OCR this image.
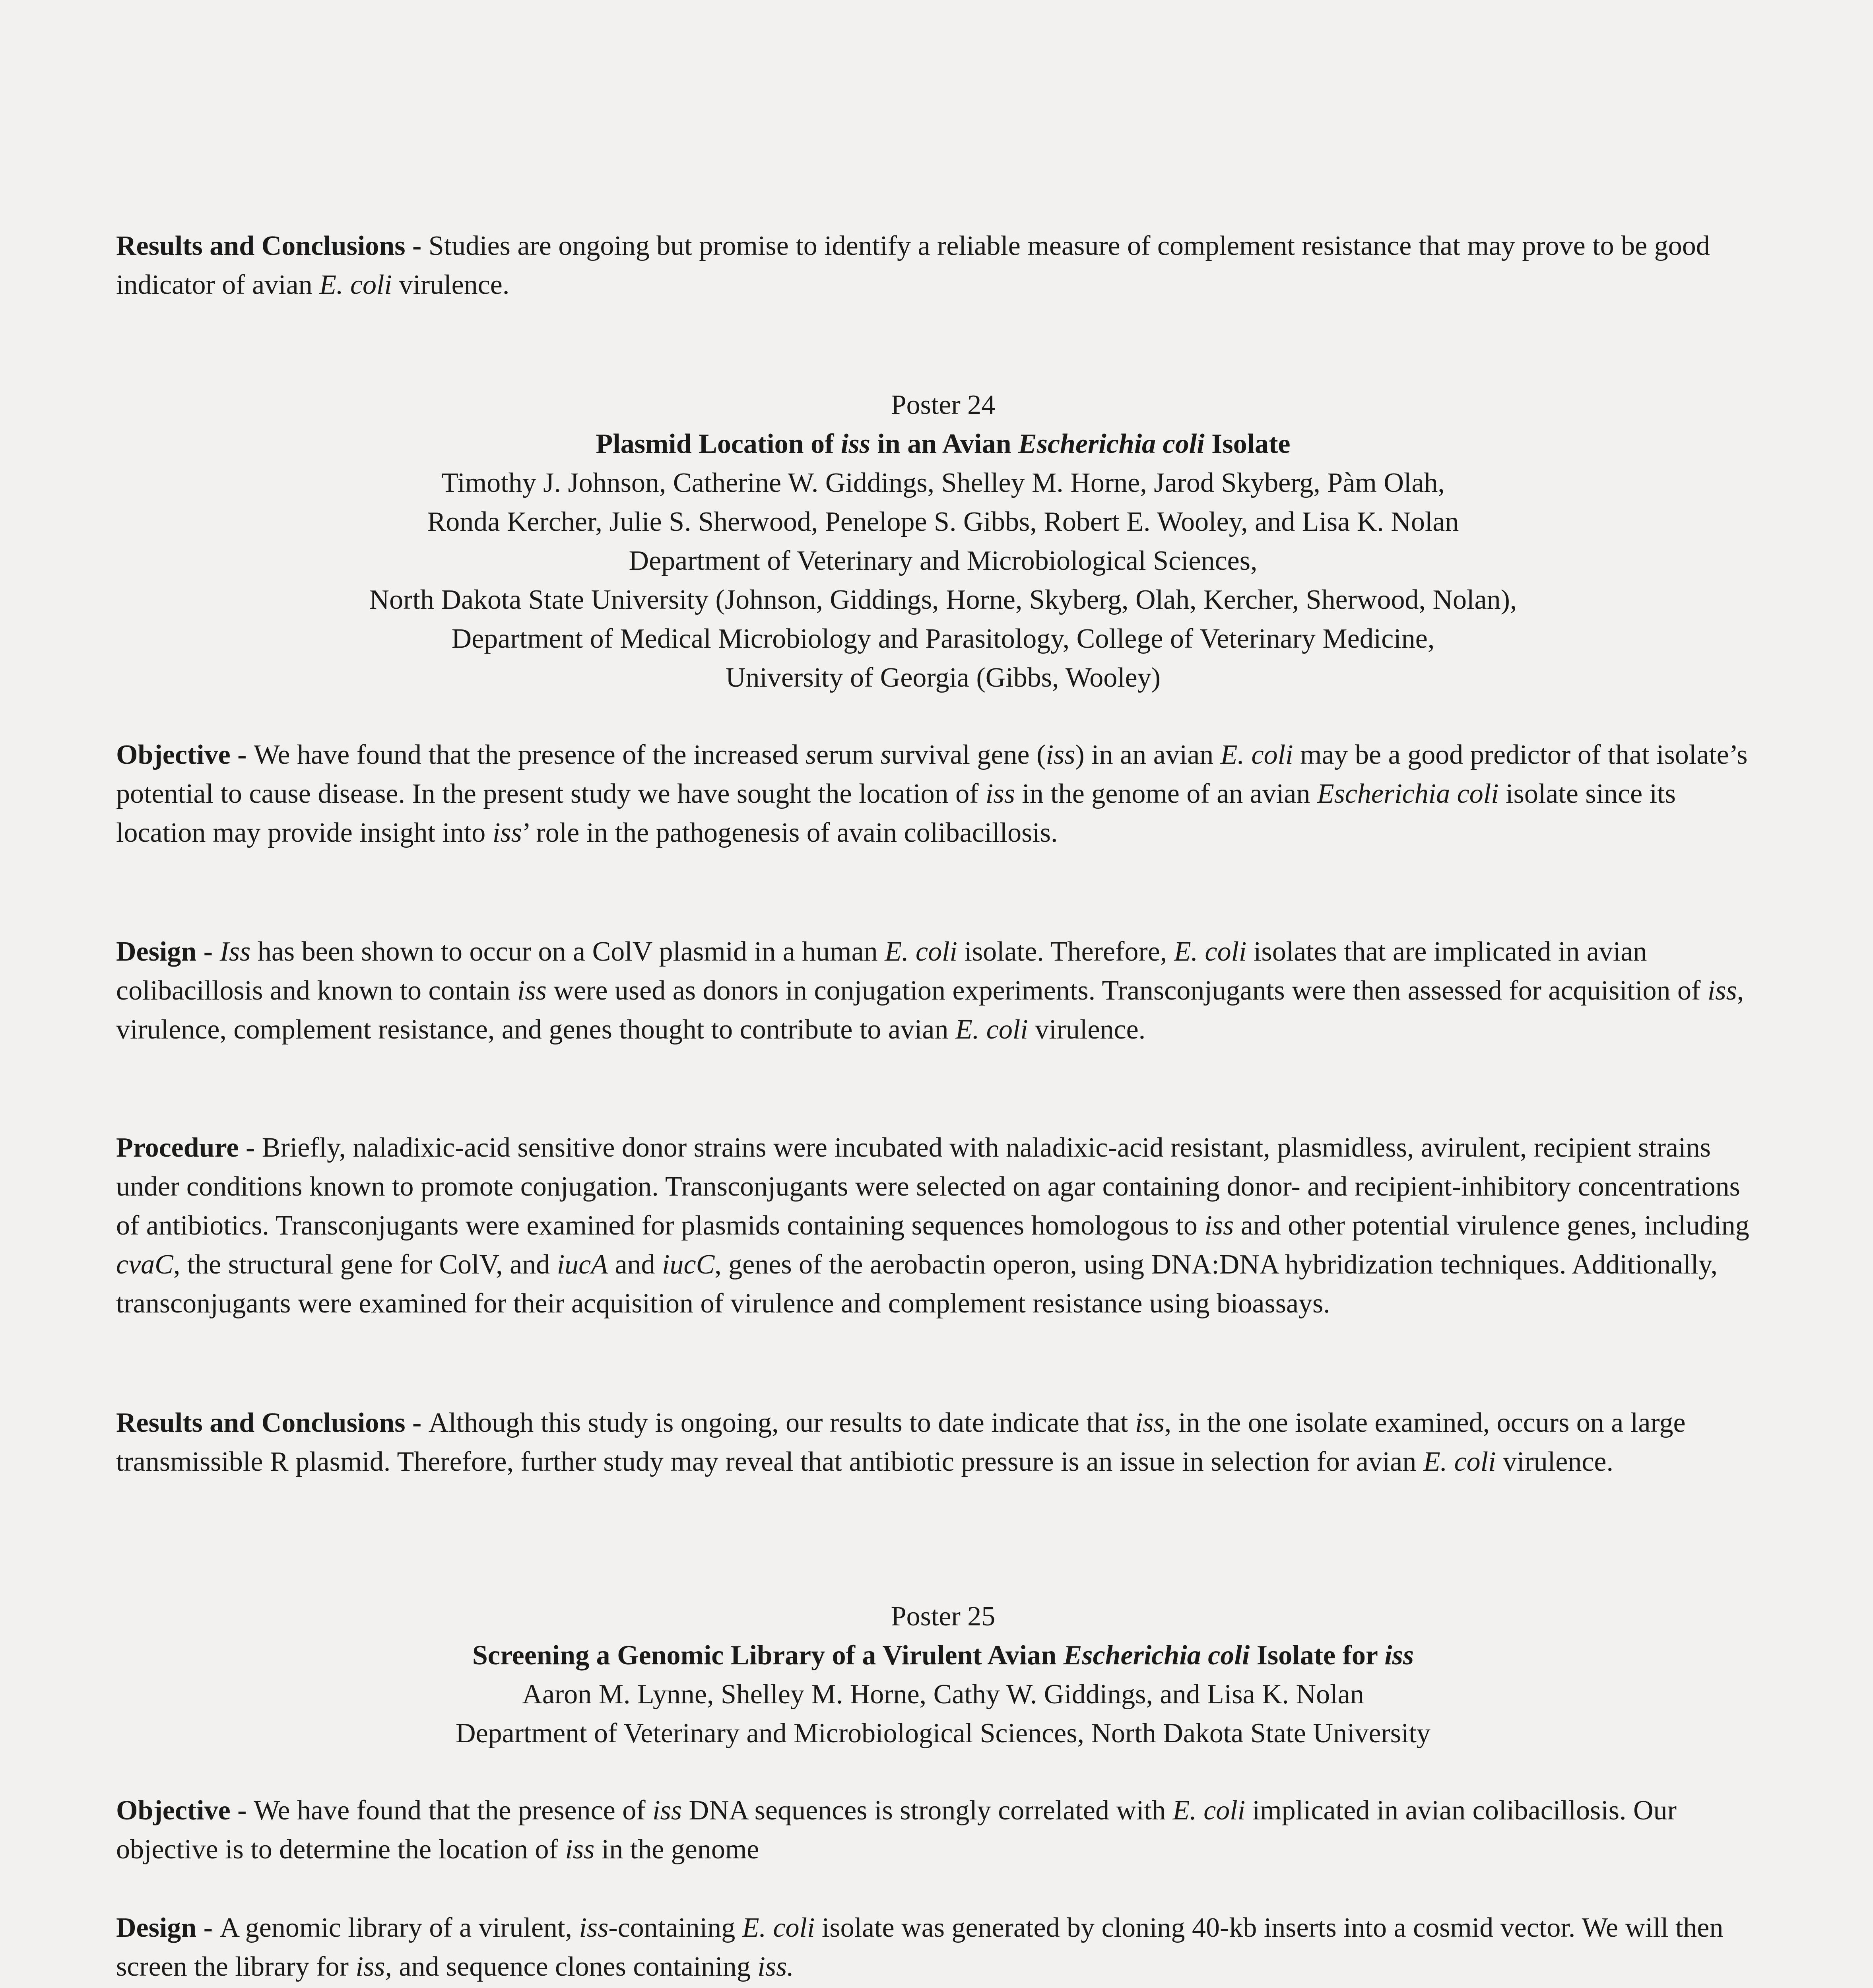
Results and Conclusions - Studies are ongoing but promise to identify a reliable measure of complement resistance that may prove to be good indicator of avian E. coli virulence.

Poster 24
Plasmid Location of iss in an Avian Escherichia coli Isolate
Timothy J. Johnson, Catherine W. Giddings, Shelley M. Horne, Jarod Skyberg, Pàm Olah,
Ronda Kercher, Julie S. Sherwood, Penelope S. Gibbs, Robert E. Wooley, and Lisa K. Nolan
Department of Veterinary and Microbiological Sciences,
North Dakota State University (Johnson, Giddings, Horne, Skyberg, Olah, Kercher, Sherwood, Nolan),
Department of Medical Microbiology and Parasitology, College of Veterinary Medicine,
University of Georgia (Gibbs, Wooley)

Objective - We have found that the presence of the increased serum survival gene (iss) in an avian E. coli may be a good predictor of that isolate’s potential to cause disease. In the present study we have sought the location of iss in the genome of an avian Escherichia coli isolate since its location may provide insight into iss’ role in the pathogenesis of avain colibacillosis.

Design - Iss has been shown to occur on a ColV plasmid in a human E. coli isolate. Therefore, E. coli isolates that are implicated in avian colibacillosis and known to contain iss were used as donors in conjugation experiments. Transconjugants were then assessed for acquisition of iss, virulence, complement resistance, and genes thought to contribute to avian E. coli virulence.

Procedure - Briefly, naladixic-acid sensitive donor strains were incubated with naladixic-acid resistant, plasmidless, avirulent, recipient strains under conditions known to promote conjugation. Transconjugants were selected on agar containing donor- and recipient-inhibitory concentrations of antibiotics. Transconjugants were examined for plasmids containing sequences homologous to iss and other potential virulence genes, including cvaC, the structural gene for ColV, and iucA and iucC, genes of the aerobactin operon, using DNA:DNA hybridization techniques. Additionally, transconjugants were examined for their acquisition of virulence and complement resistance using bioassays.

Results and Conclusions - Although this study is ongoing, our results to date indicate that iss, in the one isolate examined, occurs on a large transmissible R plasmid. Therefore, further study may reveal that antibiotic pressure is an issue in selection for avian E. coli virulence.

Poster 25
Screening a Genomic Library of a Virulent Avian Escherichia coli Isolate for iss
Aaron M. Lynne, Shelley M. Horne, Cathy W. Giddings, and Lisa K. Nolan
Department of Veterinary and Microbiological Sciences, North Dakota State University

Objective - We have found that the presence of iss DNA sequences is strongly correlated with E. coli implicated in avian colibacillosis. Our objective is to determine the location of iss in the genome

Design - A genomic library of a virulent, iss-containing E. coli isolate was generated by cloning 40-kb inserts into a cosmid vector. We will then screen the library for iss, and sequence clones containing iss.
